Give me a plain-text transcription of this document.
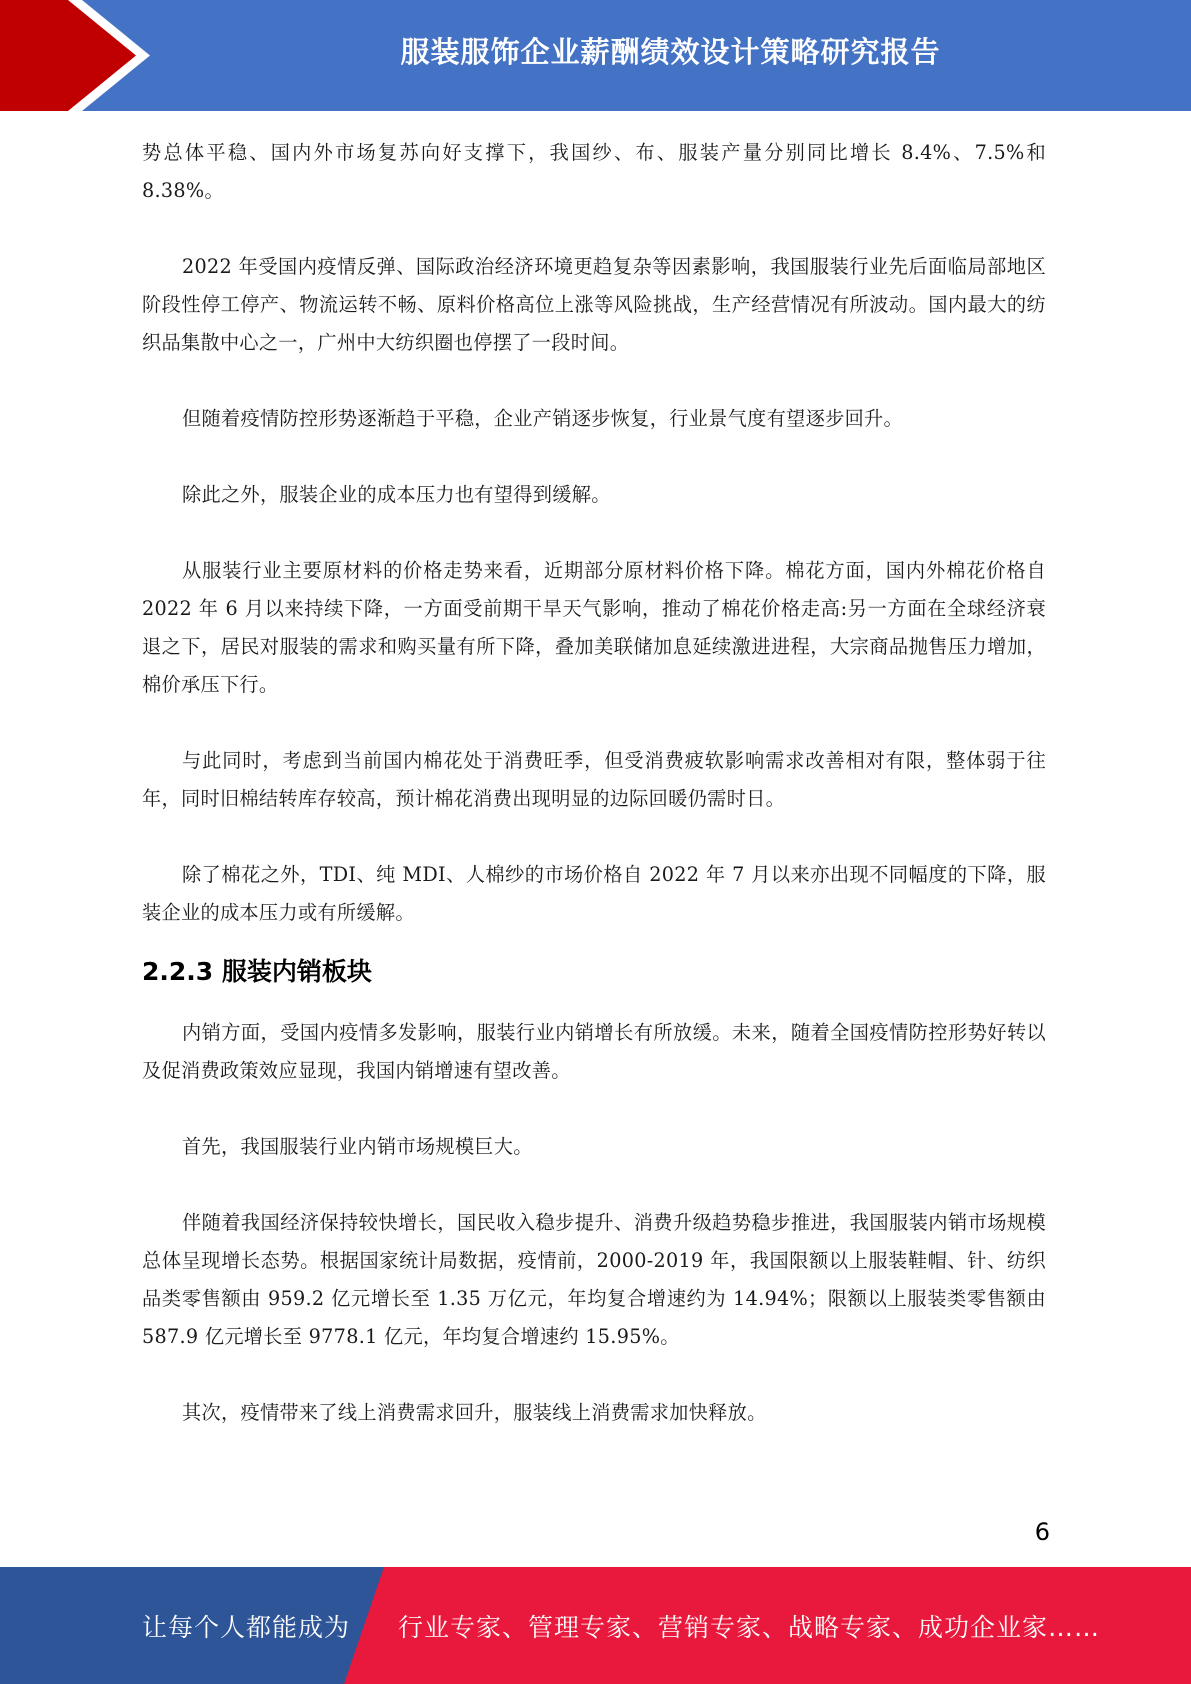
服装服饰企业薪酬绩效设计策略研究报告

势总体平稳、国内外市场复苏向好支撑下，我国纱、布、服装产量分别同比增长 8.4%、7.5%和 8.38%。

2022 年受国内疫情反弹、国际政治经济环境更趋复杂等因素影响，我国服装行业先后面临局部地区阶段性停工停产、物流运转不畅、原料价格高位上涨等风险挑战，生产经营情况有所波动。国内最大的纺织品集散中心之一，广州中大纺织圈也停摆了一段时间。

但随着疫情防控形势逐渐趋于平稳，企业产销逐步恢复，行业景气度有望逐步回升。

除此之外，服装企业的成本压力也有望得到缓解。

从服装行业主要原材料的价格走势来看，近期部分原材料价格下降。棉花方面，国内外棉花价格自 2022 年 6 月以来持续下降，一方面受前期干旱天气影响，推动了棉花价格走高:另一方面在全球经济衰退之下，居民对服装的需求和购买量有所下降，叠加美联储加息延续激进进程，大宗商品抛售压力增加，棉价承压下行。

与此同时，考虑到当前国内棉花处于消费旺季，但受消费疲软影响需求改善相对有限，整体弱于往年，同时旧棉结转库存较高，预计棉花消费出现明显的边际回暖仍需时日。

除了棉花之外，TDI、纯 MDI、人棉纱的市场价格自 2022 年 7 月以来亦出现不同幅度的下降，服装企业的成本压力或有所缓解。

2.2.3 服装内销板块

内销方面，受国内疫情多发影响，服装行业内销增长有所放缓。未来，随着全国疫情防控形势好转以及促消费政策效应显现，我国内销增速有望改善。

首先，我国服装行业内销市场规模巨大。

伴随着我国经济保持较快增长，国民收入稳步提升、消费升级趋势稳步推进，我国服装内销市场规模总体呈现增长态势。根据国家统计局数据，疫情前，2000-2019 年，我国限额以上服装鞋帽、针、纺织品类零售额由 959.2 亿元增长至 1.35 万亿元，年均复合增速约为 14.94%；限额以上服装类零售额由 587.9 亿元增长至 9778.1 亿元，年均复合增速约 15.95%。

其次，疫情带来了线上消费需求回升，服装线上消费需求加快释放。

6
让每个人都能成为 行业专家、管理专家、营销专家、战略专家、成功企业家……
